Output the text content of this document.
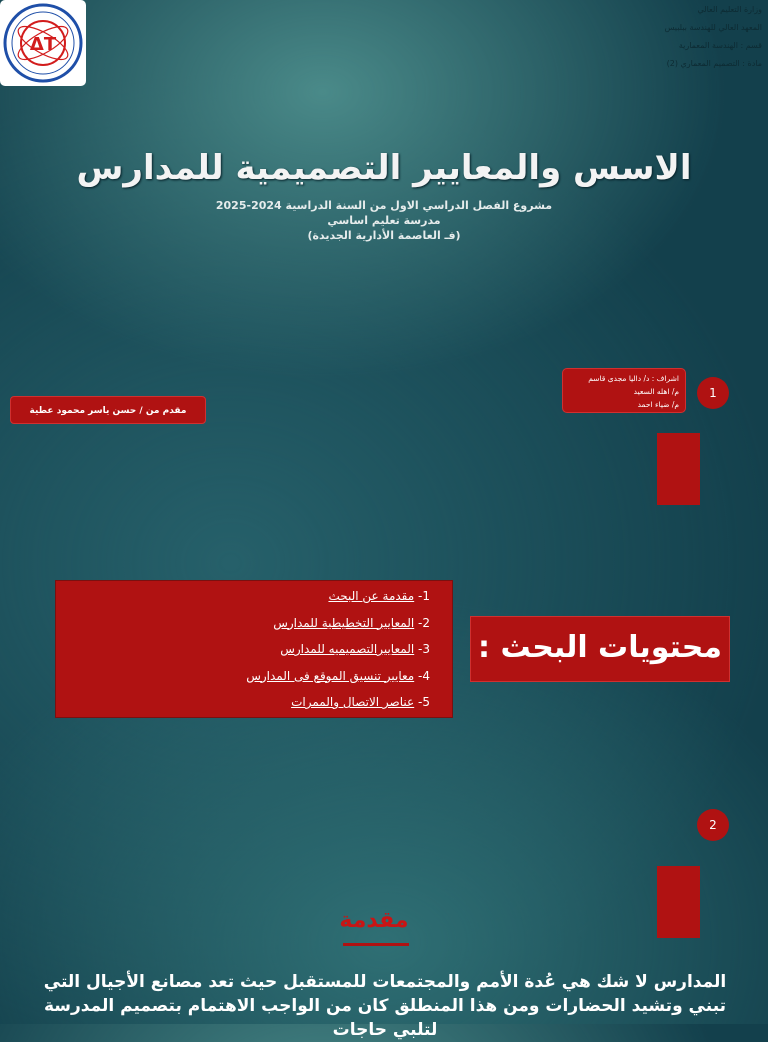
ΔT
وزارة التعليم العالي
المعهد العالي للهندسة ببلبيس
قسم : الهندسة المعمارية
مادة : التصميم المعماري (2)
الاسس والمعايير التصميمية للمدارس
مشروع الفصل الدراسي الاول من السنة الدراسية 2024-2025
مدرسة تعليم اساسي
(فـ العاصمة الأدارية الجديدة)
اشراف : د/ داليا مجدى قاسم
م/ اهله السعيد
م/ ضياء احمد
1
مقدم من / حسن ياسر محمود عطية
1- مقدمة عن البحث
2- المعايير التخطيطية للمدارس
3- المعاييرالتصميميه للمدارس
4- معايير تنسيق الموقع فى المدارس
5- عناصر الاتصال والممرات
محتويات البحث :
2
مقدمة
المدارس لا شك هي عُدة الأمم والمجتمعات للمستقبل حيث تعد مصانع الأجيال التي تبني وتشيد الحضارات ومن هذا المنطلق كان من الواجب الاهتمام بتصميم المدرسة لتلبي حاجات
